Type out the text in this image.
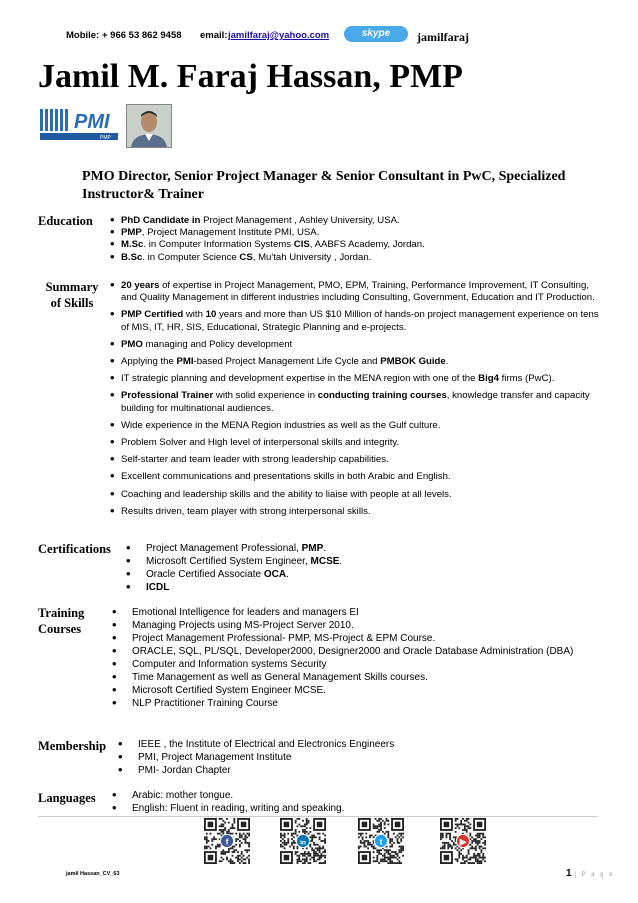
Mobile: + 966 53 862 9458 email: jamilfaraj@yahoo.com	skype	jamilfaraj
Jamil M. Faraj Hassan, PMP
PMI
PMP
PMO Director, Senior Project Manager & Senior Consultant in PwC, Specialized Instructor& Trainer
Education	• PhD Candidate in Project Management , Ashley University, USA.
• PMP, Project Management Institute PMI, USA.
• M.Sc. in Computer Information Systems CIS, AABFS Academy, Jordan.
• B.Sc. in Computer Science CS, Mu'tah University , Jordan.
Summary
of Skills
• 20 years of expertise in Project Management, PMO, EPM, Training, Performance Improvement, IT Consulting, and Quality Management in different industries including Consulting, Government, Education and IT Production.
• PMP Certified with 10 years and more than US $10 Million of hands-on project management experience on tens of MIS, IT, HR, SIS, Educational, Strategic Planning and e-projects.
• PMO managing and Policy development
• Applying the PMI-based Project Management Life Cycle and PMBOK Guide.
• IT strategic planning and development expertise in the MENA region with one of the Big4 firms (PwC).
• Professional Trainer with solid experience in conducting training courses, knowledge transfer and capacity building for multinational audiences.
• Wide experience in the MENA Region industries as well as the Gulf culture.
• Problem Solver and High level of interpersonal skills and integrity.
• Self-starter and team leader with strong leadership capabilities.
• Excellent communications and presentations skills in both Arabic and English.
• Coaching and leadership skills and the ability to liaise with people at all levels.
• Results driven, team player with strong interpersonal skills.
Certifications	• Project Management Professional, PMP.
• Microsoft Certified System Engineer, MCSE.
• Oracle Certified Associate OCA.
• ICDL
Training
Courses
• Emotional Intelligence for leaders and managers EI
• Managing Projects using MS-Project Server 2010.
• Project Management Professional- PMP, MS-Project & EPM Course.
• ORACLE, SQL, PL/SQL, Developer2000, Designer2000 and Oracle Database Administration (DBA)
• Computer and Information systems Security
• Time Management as well as General Management Skills courses.
• Microsoft Certified System Engineer MCSE.
• NLP Practitioner Training Course
Membership	• IEEE , the Institute of Electrical and Electronics Engineers
• PMI, Project Management Institute
• PMI- Jordan Chapter
Languages	• Arabic: mother tongue.
• English: Fluent in reading, writing and speaking.
f	in	t	▶
jamil Hassan_CV_63	1 | P a g e
